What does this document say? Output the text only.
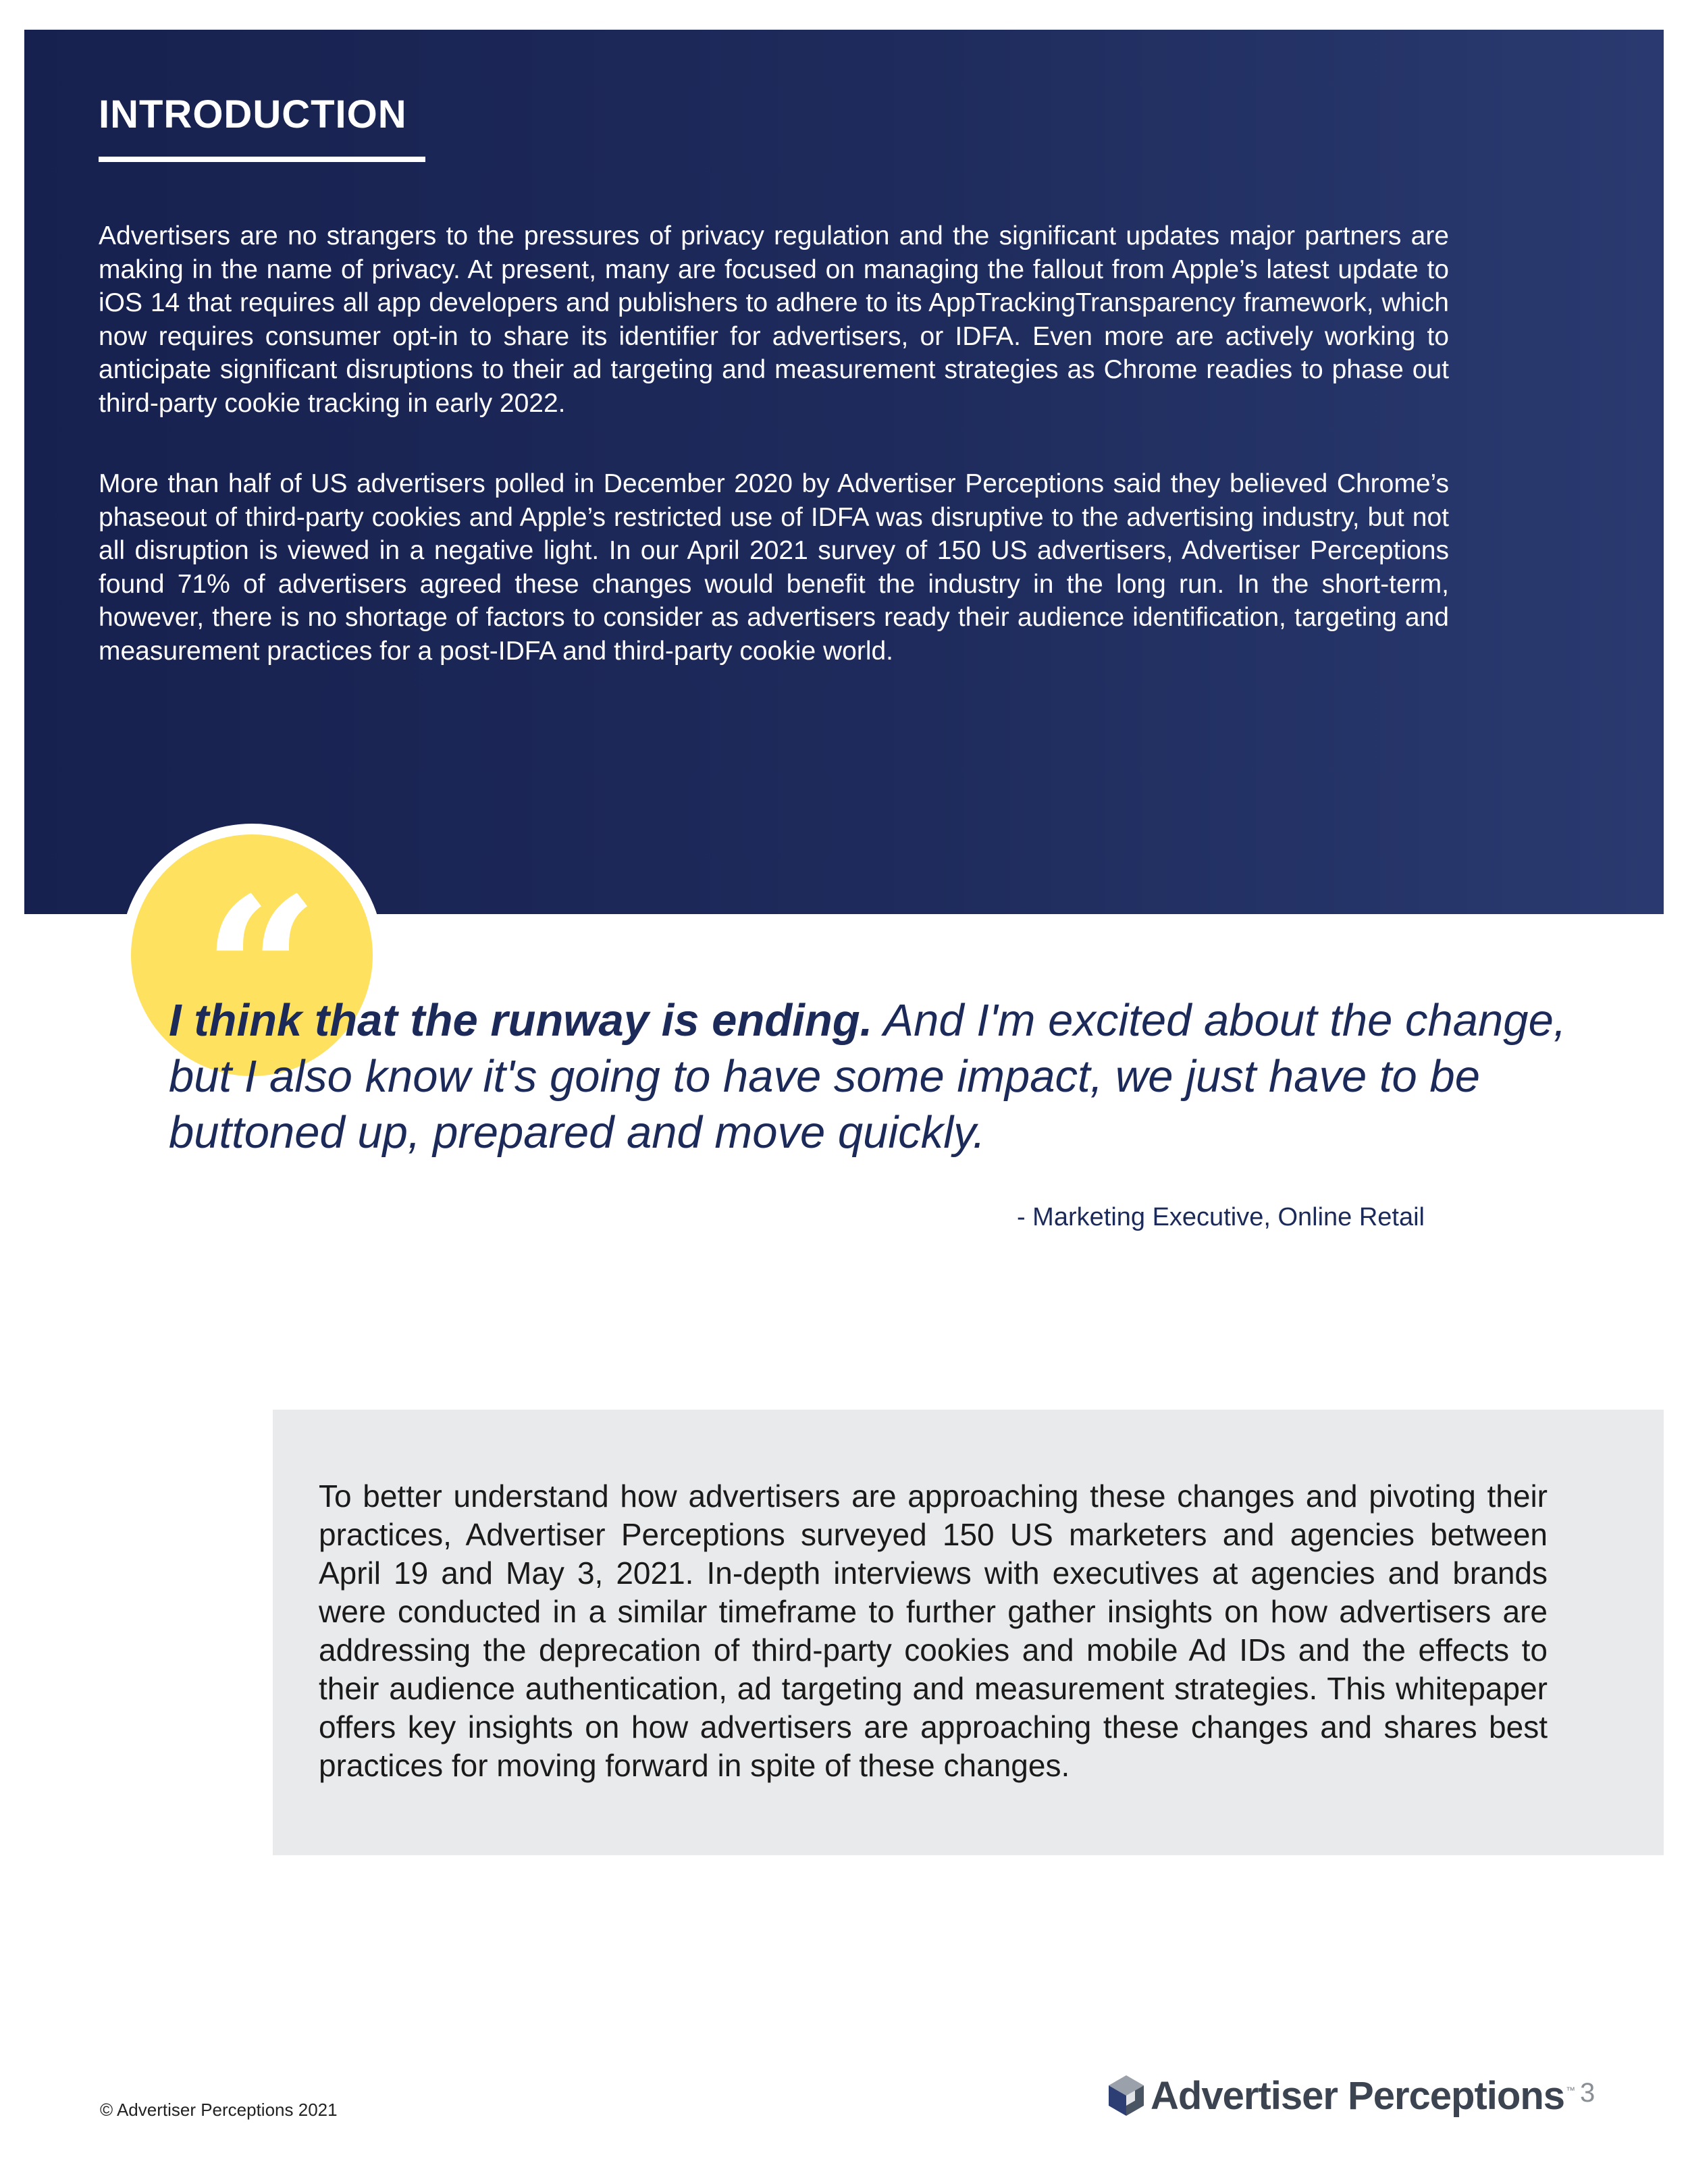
INTRODUCTION

Advertisers are no strangers to the pressures of privacy regulation and the significant updates major partners are making in the name of privacy. At present, many are focused on managing the fallout from Apple’s latest update to iOS 14 that requires all app developers and publishers to adhere to its AppTrackingTransparency framework, which now requires consumer opt-in to share its identifier for advertisers, or IDFA. Even more are actively working to anticipate significant disruptions to their ad targeting and measurement strategies as Chrome readies to phase out third-party cookie tracking in early 2022.

More than half of US advertisers polled in December 2020 by Advertiser Perceptions said they believed Chrome’s phaseout of third-party cookies and Apple’s restricted use of IDFA was disruptive to the advertising industry, but not all disruption is viewed in a negative light. In our April 2021 survey of 150 US advertisers, Advertiser Perceptions found 71% of advertisers agreed these changes would benefit the industry in the long run. In the short-term, however, there is no shortage of factors to consider as advertisers ready their audience identification, targeting and measurement practices for a post-IDFA and third-party cookie world.

“

I think that the runway is ending. And I'm excited about the change, but I also know it's going to have some impact, we just have to be buttoned up, prepared and move quickly.

- Marketing Executive, Online Retail

To better understand how advertisers are approaching these changes and pivoting their practices, Advertiser Perceptions surveyed 150 US marketers and agencies between April 19 and May 3, 2021. In-depth interviews with executives at agencies and brands were conducted in a similar timeframe to further gather insights on how advertisers are addressing the deprecation of third-party cookies and mobile Ad IDs and the effects to their audience authentication, ad targeting and measurement strategies. This whitepaper offers key insights on how advertisers are approaching these changes and shares best practices for moving forward in spite of these changes.

© Advertiser Perceptions 2021	Advertiser Perceptions ™ 3
